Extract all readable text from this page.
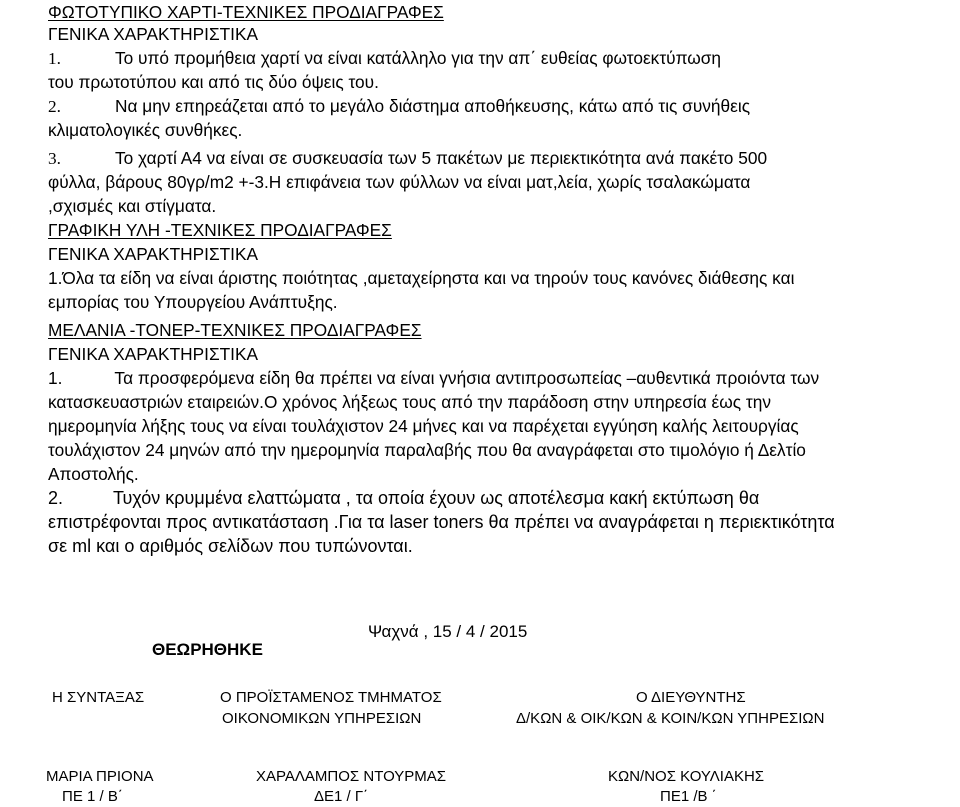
ΦΩΤΟΤΥΠΙΚΟ ΧΑΡΤΙ-ΤΕΧΝΙΚΕΣ ΠΡΟΔΙΑΓΡΑΦΕΣ
ΓΕΝΙΚΑ ΧΑΡΑΚΤΗΡΙΣΤΙΚΑ
1.	Το υπό προμήθεια χαρτί να είναι κατάλληλο για την απ΄ ευθείας φωτοεκτύπωση
του πρωτοτύπου και από τις δύο όψεις του.
2.	Να μην επηρεάζεται από το μεγάλο διάστημα αποθήκευσης, κάτω από τις συνήθεις
κλιματολογικές συνθήκες.
3.	Το χαρτί Α4 να είναι σε συσκευασία των 5 πακέτων με περιεκτικότητα ανά πακέτο 500
φύλλα, βάρους 80γρ/m2 +-3.Η επιφάνεια των φύλλων να είναι ματ,λεία, χωρίς τσαλακώματα
,σχισμές και στίγματα.
ΓΡΑΦΙΚΗ ΥΛΗ -ΤΕΧΝΙΚΕΣ ΠΡΟΔΙΑΓΡΑΦΕΣ
ΓΕΝΙΚΑ ΧΑΡΑΚΤΗΡΙΣΤΙΚΑ
1.Όλα τα είδη να είναι άριστης ποιότητας ,αμεταχείρηστα και να τηρούν τους κανόνες διάθεσης και
εμπορίας του Υπουργείου Ανάπτυξης.
ΜΕΛΑΝΙΑ -ΤΟΝΕΡ-ΤΕΧΝΙΚΕΣ ΠΡΟΔΙΑΓΡΑΦΕΣ
ΓΕΝΙΚΑ ΧΑΡΑΚΤΗΡΙΣΤΙΚΑ
1.	Τα προσφερόμενα είδη θα πρέπει να είναι γνήσια αντιπροσωπείας –αυθεντικά προιόντα των
κατασκευαστριών εταιρειών.Ο χρόνος λήξεως τους από την παράδοση στην υπηρεσία έως την
ημερομηνία λήξης τους να είναι τουλάχιστον 24 μήνες και να παρέχεται εγγύηση καλής λειτουργίας
τουλάχιστον 24 μηνών από την ημερομηνία παραλαβής που θα αναγράφεται στο τιμολόγιο ή Δελτίο
Αποστολής.
2.	Τυχόν κρυμμένα ελαττώματα , τα οποία έχουν ως αποτέλεσμα κακή εκτύπωση θα
επιστρέφονται προς αντικατάσταση .Για τα laser toners θα πρέπει να αναγράφεται η περιεκτικότητα
σε ml και ο αριθμός σελίδων που τυπώνονται.
ΘΕΩΡΗΘΗΚΕ
Ψαχνά , 15 / 4 / 2015
Η ΣΥΝΤΑΞΑΣ	Ο ΠΡΟΪΣΤΑΜΕΝΟΣ ΤΜΗΜΑΤΟΣ
ΟΙΚΟΝΟΜΙΚΩΝ ΥΠΗΡΕΣΙΩΝ
Ο ΔΙΕΥΘΥΝΤΗΣ
Δ/ΚΩΝ & ΟΙΚ/ΚΩΝ & ΚΟΙΝ/ΚΩΝ ΥΠΗΡΕΣΙΩΝ
ΜΑΡΙΑ ΠΡΙΟΝΑ
ΠΕ 1 / Β΄
ΧΑΡΑΛΑΜΠΟΣ ΝΤΟΥΡΜΑΣ
ΔΕ1 / Γ΄
ΚΩΝ/ΝΟΣ ΚΟΥΛΙΑΚΗΣ
ΠΕ1 /Β ΄
